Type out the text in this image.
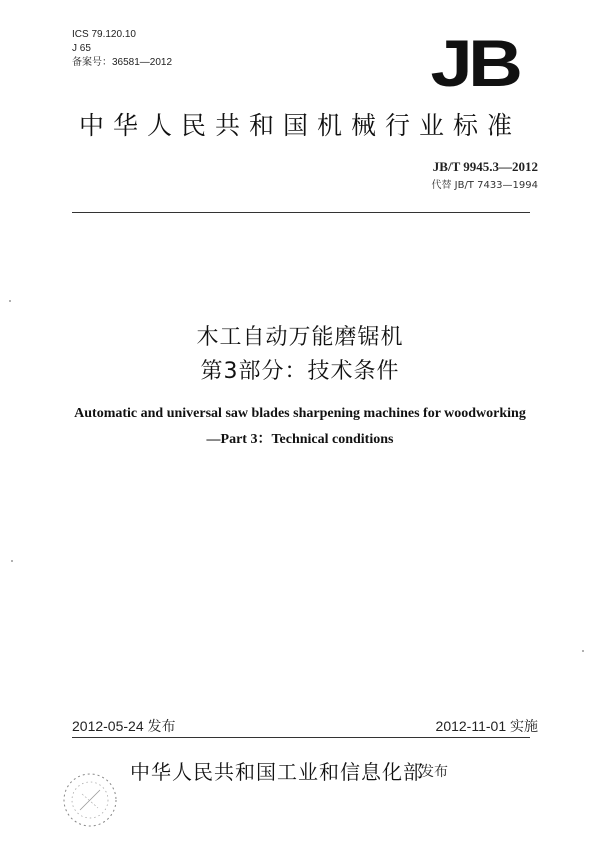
ICS 79.120.10
J 65
备案号：36581—2012	JB
中华人民共和国机械行业标准
JB/T 9945.3—2012
代替 JB/T 7433—1994
木工自动万能磨锯机
第3部分：技术条件
Automatic and universal saw blades sharpening machines for woodworking
—Part 3：Technical conditions
2012-05-24 发布	2012-11-01 实施
中华人民共和国工业和信息化部
发布
